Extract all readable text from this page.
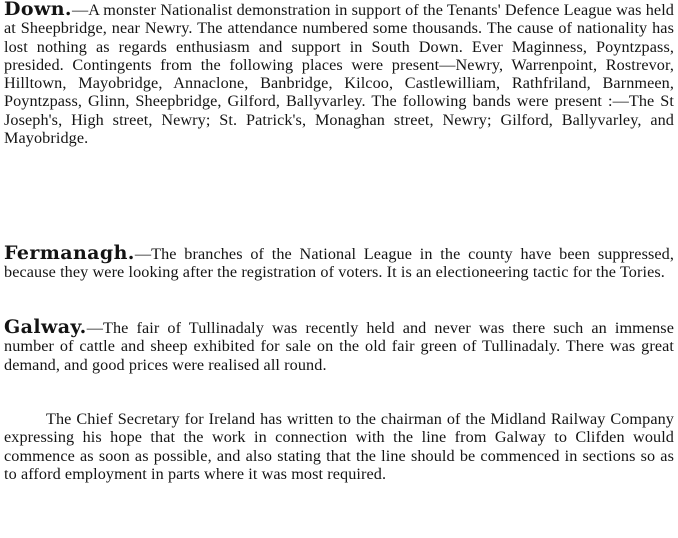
Down.—A monster Nationalist demonstration in support of the Tenants' Defence League was held at Sheepbridge, near Newry. The attendance numbered some thousands. The cause of nationality has lost nothing as regards enthusiasm and support in South Down. Ever Maginness, Poyntzpass, presided. Contingents from the following places were present—Newry, Warrenpoint, Rostrevor, Hilltown, Mayobridge, Annaclone, Banbridge, Kilcoo, Castlewilliam, Rathfriland, Barnmeen, Poyntzpass, Glinn, Sheepbridge, Gilford, Ballyvarley. The following bands were present :—The St Joseph's, High street, Newry; St. Patrick's, Monaghan street, Newry; Gilford, Ballyvarley, and Mayobridge.

Fermanagh.—The branches of the National League in the county have been suppressed, because they were looking after the registration of voters. It is an electioneering tactic for the Tories.

Galway.—The fair of Tullinadaly was recently held and never was there such an immense number of cattle and sheep exhibited for sale on the old fair green of Tullinadaly. There was great demand, and good prices were realised all round.

The Chief Secretary for Ireland has written to the chairman of the Midland Railway Company expressing his hope that the work in connection with the line from Galway to Clifden would commence as soon as possible, and also stating that the line should be commenced in sections so as to afford employment in parts where it was most required.
